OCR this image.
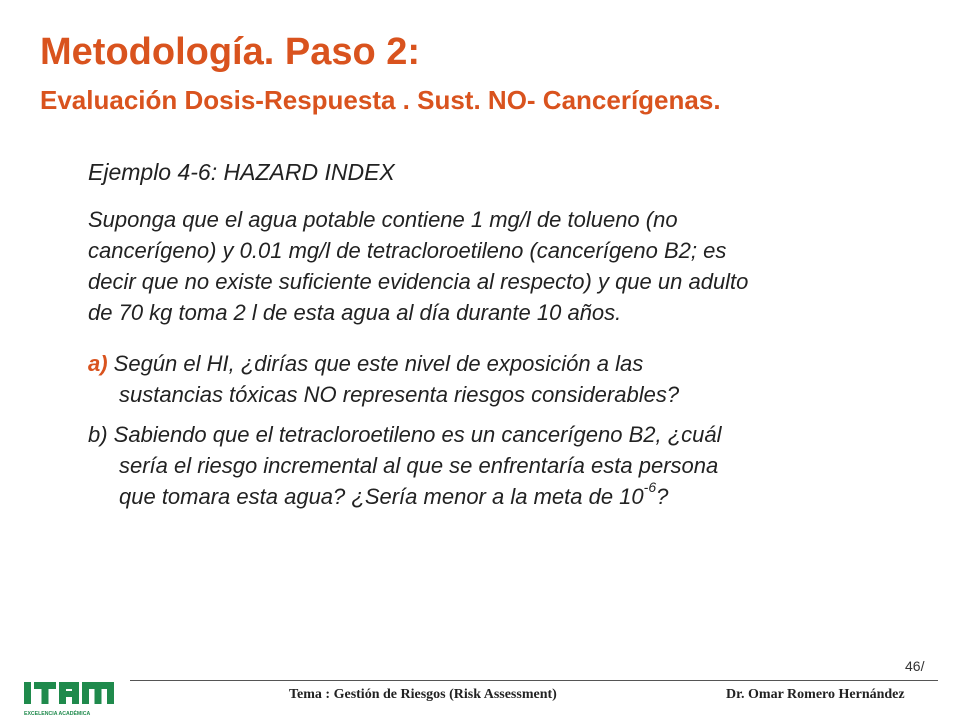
Metodología. Paso 2:
Evaluación Dosis-Respuesta . Sust. NO- Cancerígenas.
Ejemplo 4-6: HAZARD INDEX
Suponga que el agua potable contiene 1 mg/l de tolueno (no
cancerígeno) y 0.01 mg/l de tetracloroetileno (cancerígeno B2; es
decir que no existe suficiente evidencia al respecto) y que un adulto
de 70 kg toma 2 l de esta agua al día durante 10 años.
a) Según el HI, ¿dirías que este nivel de exposición a las
sustancias tóxicas NO representa riesgos considerables?
b) Sabiendo que el tetracloroetileno es un cancerígeno B2, ¿cuál
sería el riesgo incremental al que se enfrentaría esta persona
que tomara esta agua? ¿Sería menor a la meta de $10^{-6}$?
46/
EXCELENCIA ACADÉMICA
Tema : Gestión de Riesgos (Risk Assessment)	Dr. Omar Romero Hernández
